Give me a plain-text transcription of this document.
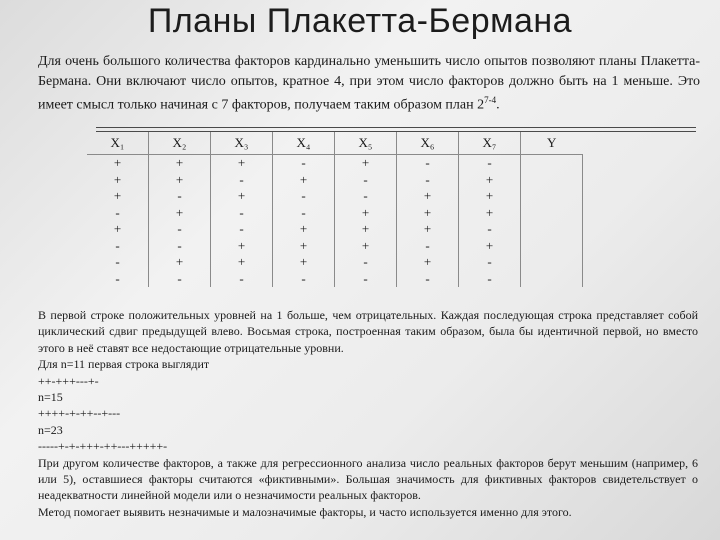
Планы Плакетта-Бермана
Для очень большого количества факторов кардинально уменьшить число опытов позволяют планы Плакетта-Бермана. Они включают число опытов, кратное 4, при этом число факторов должно быть на 1 меньше. Это имеет смысл только начиная с 7 факторов, получаем таким образом план 2$^{7-4}$.
X₁	X₂	X₃	X₄	X₅	X₆	X₇	Y
+	+	+	-	+	-	-	
+	+	-	+	-	-	+	
+	-	+	-	-	+	+	
-	+	-	-	+	+	+	
+	-	-	+	+	+	-	
-	-	+	+	+	-	+	
-	+	+	+	-	+	-	
-	-	-	-	-	-	-	

В первой строке положительных уровней на 1 больше, чем отрицательных. Каждая последующая строка представляет собой циклический сдвиг предыдущей влево. Восьмая строка, построенная таким образом, была бы идентичной первой, но вместо этого в неё ставят все недостающие отрицательные уровни.

Для n=11 первая строка выглядит

++-+++---+-

n=15

++++-+-++--+---

n=23

-----+-+-+++-++---+++++-

При другом количестве факторов, а также для регрессионного анализа число реальных факторов берут меньшим (например, 6 или 5), оставшиеся факторы считаются «фиктивными». Большая значимость для фиктивных факторов свидетельствует о неадекватности линейной модели или о незначимости реальных факторов.

Метод помогает выявить незначимые и малозначимые факторы, и часто используется именно для этого.
